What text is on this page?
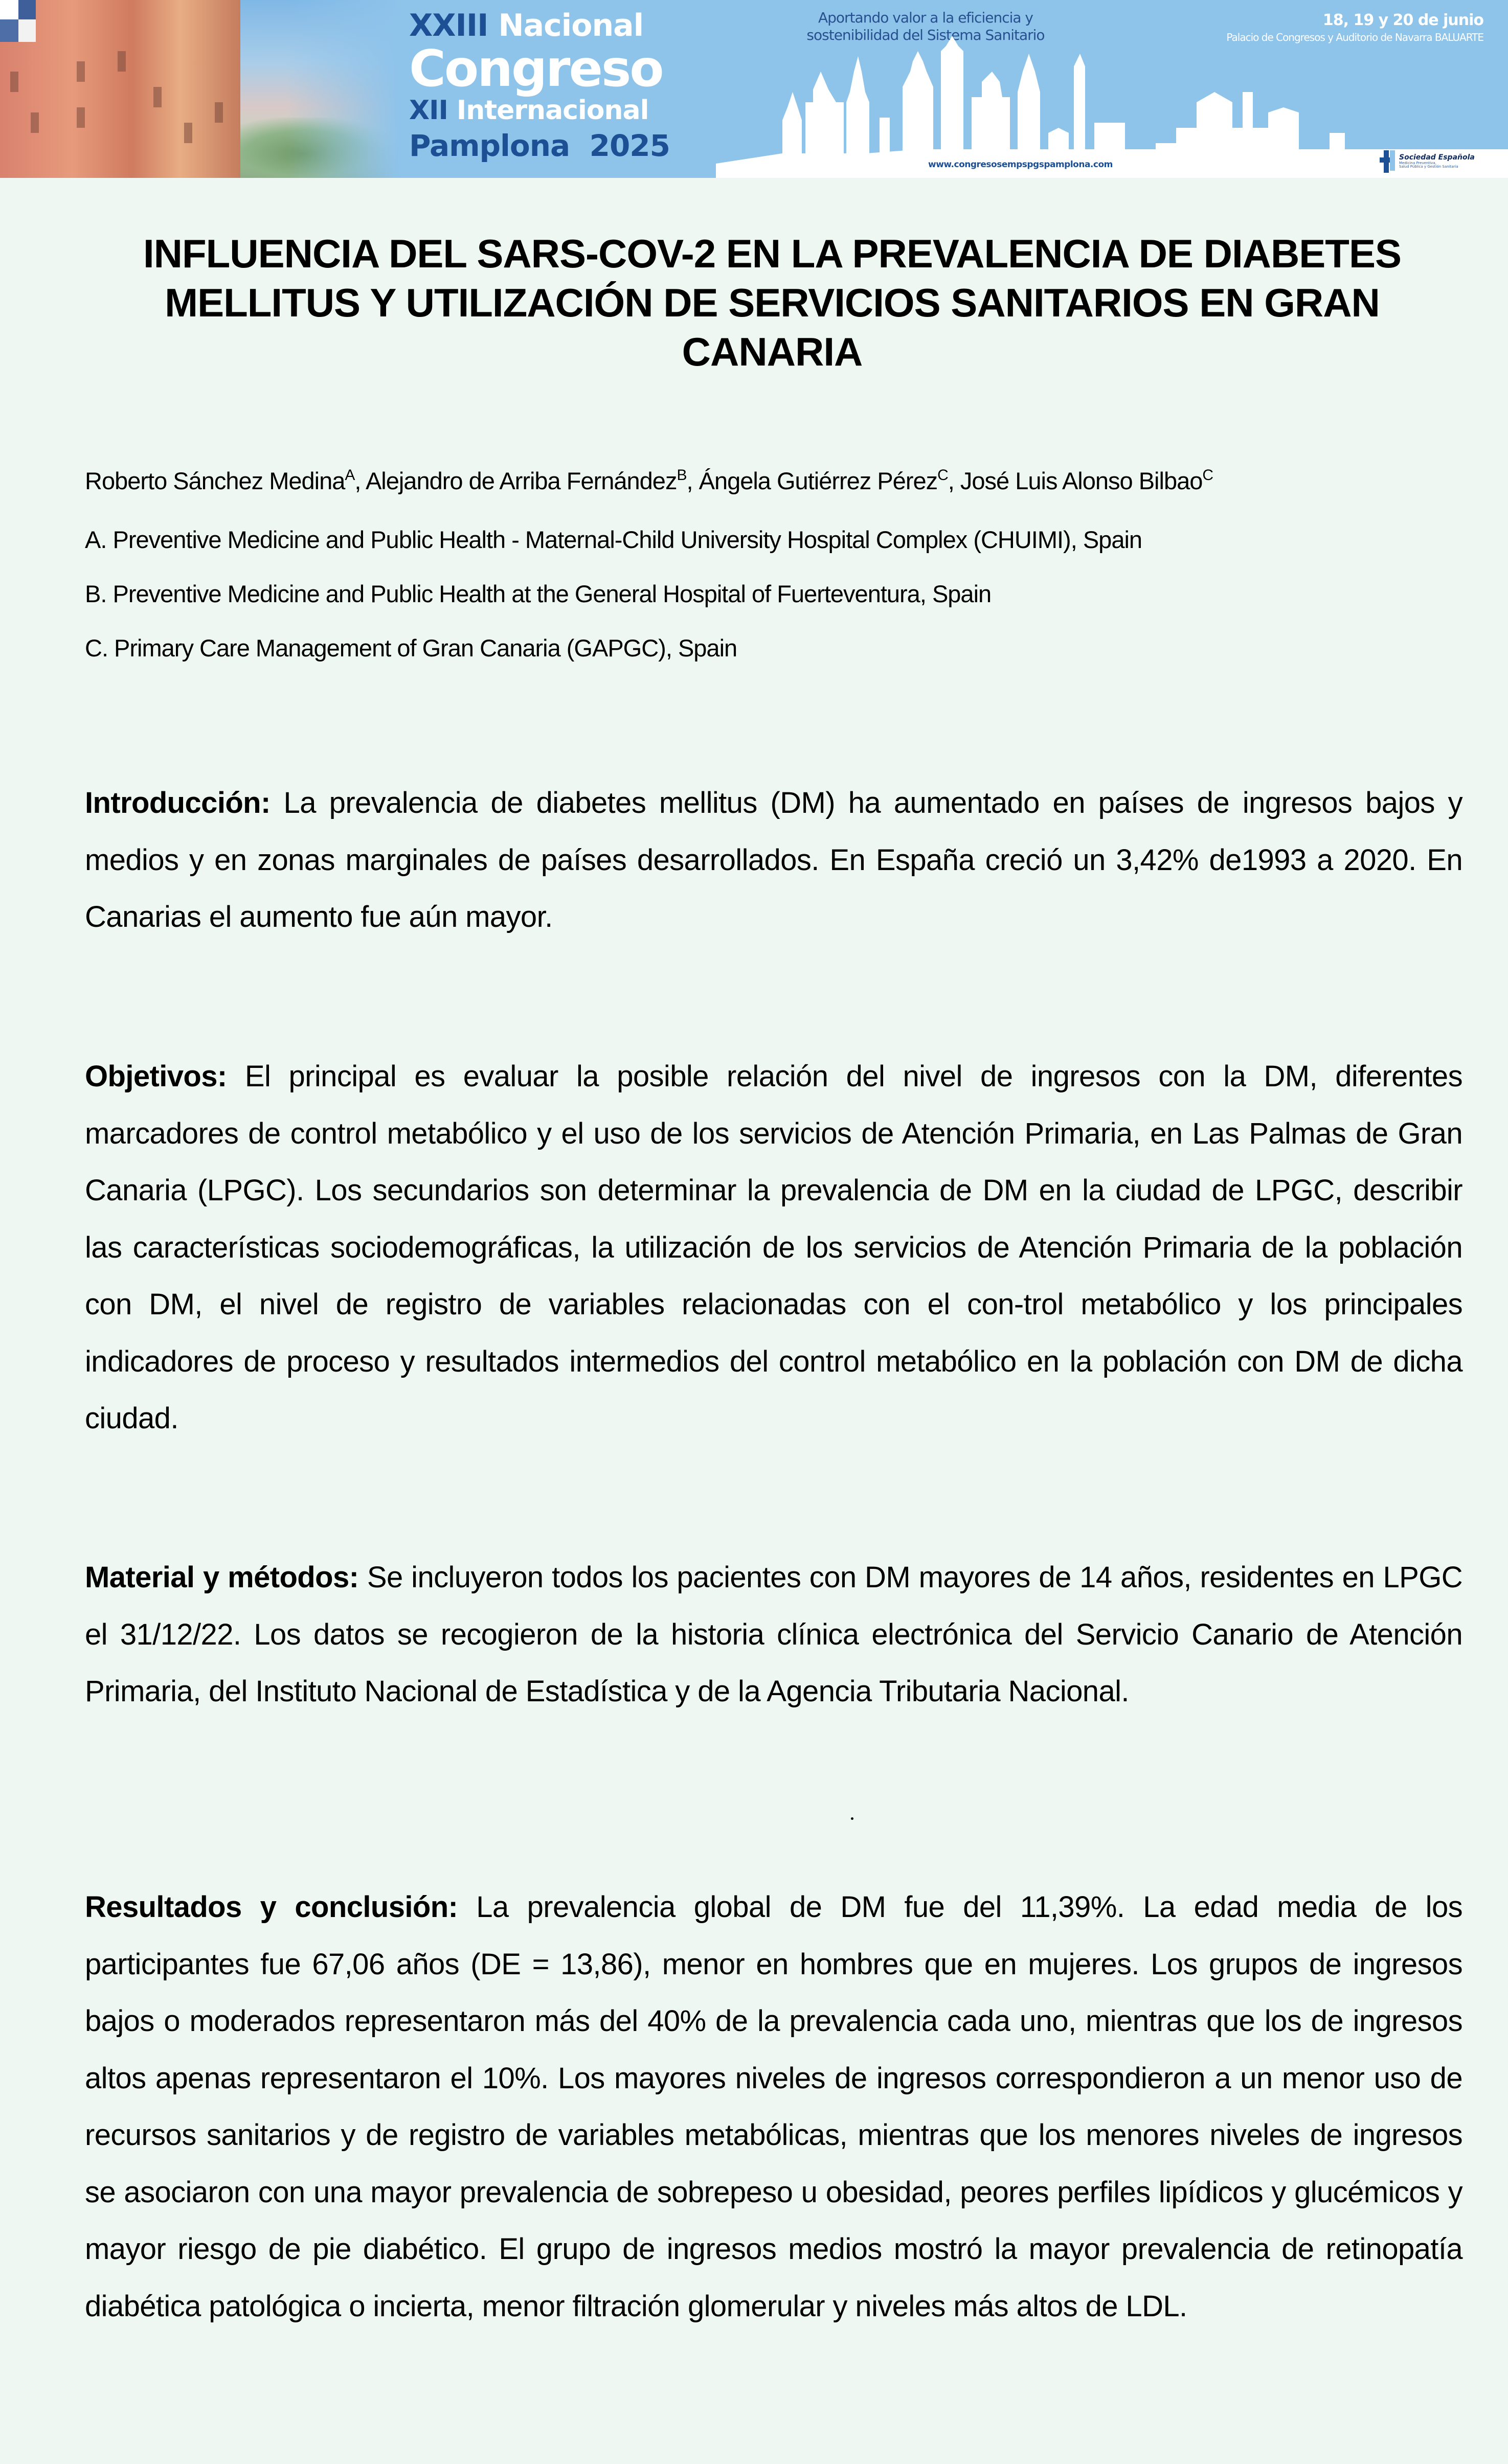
XXIII Nacional
Congreso
XII Internacional
Pamplona  2025
Aportando valor a la eficiencia y
sostenibilidad del Sistema Sanitario
18, 19 y 20 de junio
Palacio de Congresos y Auditorio de Navarra BALUARTE
www.congresosempspgspamplona.com
Sociedad Española
Medicina Preventiva,
Salud Pública y Gestión Sanitaria
INFLUENCIA DEL SARS-COV-2 EN LA PREVALENCIA DE DIABETES MELLITUS Y UTILIZACIÓN DE SERVICIOS SANITARIOS EN GRAN CANARIA
Roberto Sánchez Medina$^A$, Alejandro de Arriba Fernández$^B$, Ángela Gutiérrez Pérez$^C$, José Luis Alonso Bilbao$^C$
A. Preventive Medicine and Public Health - Maternal-Child University Hospital Complex (CHUIMI), Spain
B. Preventive Medicine and Public Health at the General Hospital of Fuerteventura, Spain
C. Primary Care Management of Gran Canaria (GAPGC), Spain
Introducción: La prevalencia de diabetes mellitus (DM) ha aumentado en países de ingresos bajos y medios y en zonas marginales de países desarrollados. En España creció un 3,42% de1993 a 2020. En Canarias el aumento fue aún mayor.
Objetivos: El principal es evaluar la posible relación del nivel de ingresos con la DM, diferentes marcadores de control metabólico y el uso de los servicios de Atención Primaria, en Las Palmas de Gran Canaria (LPGC). Los secundarios son determinar la prevalencia de DM en la ciudad de LPGC, describir las características sociodemográficas, la utilización de los servicios de Atención Primaria de la población con DM, el nivel de registro de variables relacionadas con el con-trol metabólico y los principales indicadores de proceso y resultados intermedios del control metabólico en la población con DM de dicha ciudad.
Material y métodos: Se incluyeron todos los pacientes con DM mayores de 14 años, residentes en LPGC el 31/12/22. Los datos se recogieron de la historia clínica electrónica del Servicio Canario de Atención Primaria, del Instituto Nacional de Estadística y de la Agencia Tributaria Nacional.
Resultados y conclusión: La prevalencia global de DM fue del 11,39%. La edad media de los participantes fue 67,06 años (DE = 13,86), menor en hombres que en mujeres. Los grupos de ingresos bajos o moderados representaron más del 40% de la prevalencia cada uno, mientras que los de ingresos altos apenas representaron el 10%. Los mayores niveles de ingresos correspondieron a un menor uso de recursos sanitarios y de registro de variables metabólicas, mientras que los menores niveles de ingresos se asociaron con una mayor prevalencia de sobrepeso u obesidad, peores perfiles lipídicos y glucémicos y mayor riesgo de pie diabético. El grupo de ingresos medios mostró la mayor prevalencia de retinopatía diabética patológica o incierta, menor filtración glomerular y niveles más altos de LDL.
